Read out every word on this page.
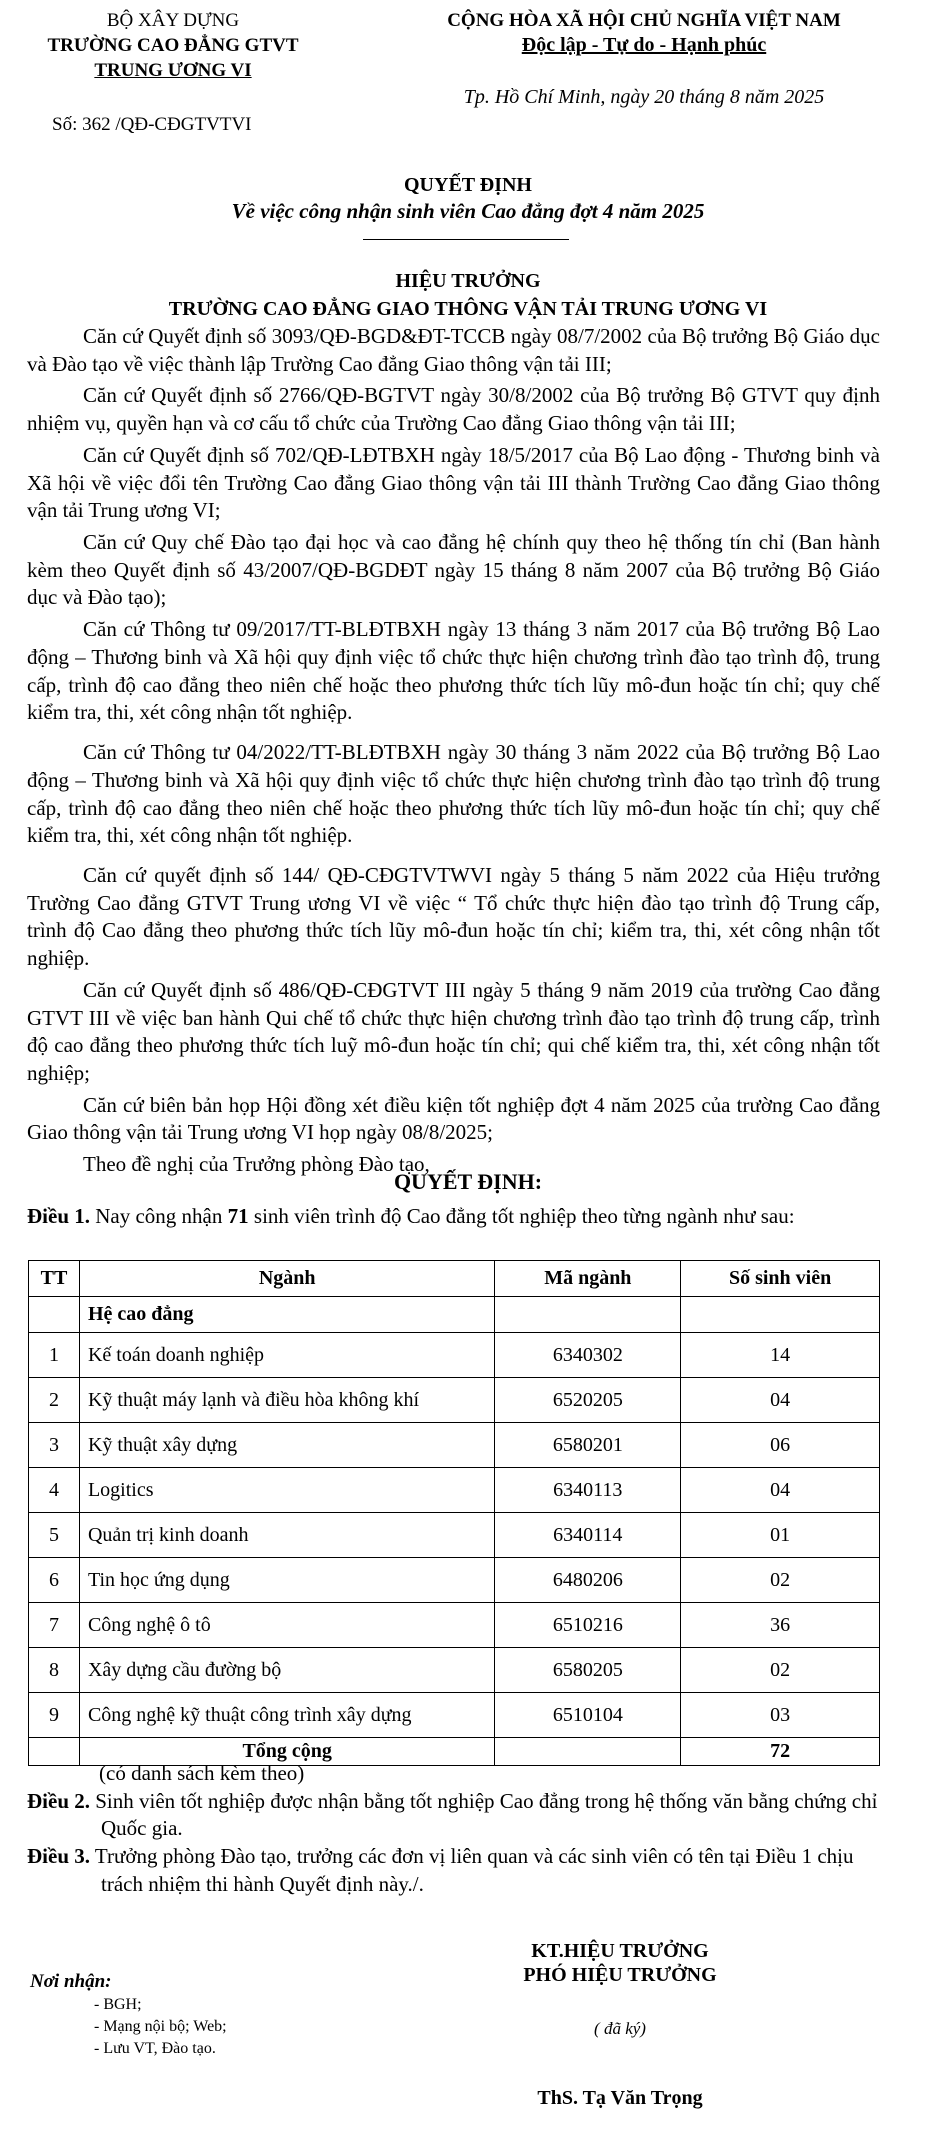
BỘ XÂY DỰNG
TRƯỜNG CAO ĐẲNG GTVT
TRUNG ƯƠNG VI
CỘNG HÒA XÃ HỘI CHỦ NGHĨA VIỆT NAM
Độc lập - Tự do - Hạnh phúc
Tp. Hồ Chí Minh, ngày 20 tháng 8 năm 2025
Số: 362 /QĐ-CĐGTVTVI
QUYẾT ĐỊNH
Về việc công nhận sinh viên Cao đẳng đợt 4 năm 2025
HIỆU TRƯỞNG
TRƯỜNG CAO ĐẲNG GIAO THÔNG VẬN TẢI TRUNG ƯƠNG VI

Căn cứ Quyết định số 3093/QĐ-BGD&ĐT-TCCB ngày 08/7/2002 của Bộ trưởng Bộ Giáo dục và Đào tạo về việc thành lập Trường Cao đẳng Giao thông vận tải III;

Căn cứ Quyết định số 2766/QĐ-BGTVT ngày 30/8/2002 của Bộ trưởng Bộ GTVT quy định nhiệm vụ, quyền hạn và cơ cấu tổ chức của Trường Cao đẳng Giao thông vận tải III;

Căn cứ Quyết định số 702/QĐ-LĐTBXH ngày 18/5/2017 của Bộ Lao động - Thương binh và Xã hội về việc đổi tên Trường Cao đẳng Giao thông vận tải III thành Trường Cao đẳng Giao thông vận tải Trung ương VI;

Căn cứ Quy chế Đào tạo đại học và cao đẳng hệ chính quy theo hệ thống tín chỉ (Ban hành kèm theo Quyết định số 43/2007/QĐ-BGDĐT ngày 15 tháng 8 năm 2007 của Bộ trưởng Bộ Giáo dục và Đào tạo);

Căn cứ Thông tư 09/2017/TT-BLĐTBXH ngày 13 tháng 3 năm 2017 của Bộ trưởng Bộ Lao động – Thương binh và Xã hội quy định việc tổ chức thực hiện chương trình đào tạo trình độ, trung cấp, trình độ cao đẳng theo niên chế hoặc theo phương thức tích lũy mô-đun hoặc tín chỉ; quy chế kiểm tra, thi, xét công nhận tốt nghiệp.

Căn cứ Thông tư 04/2022/TT-BLĐTBXH ngày 30 tháng 3 năm 2022 của Bộ trưởng Bộ Lao động – Thương binh và Xã hội quy định việc tổ chức thực hiện chương trình đào tạo trình độ trung cấp, trình độ cao đẳng theo niên chế hoặc theo phương thức tích lũy mô-đun hoặc tín chỉ; quy chế kiểm tra, thi, xét công nhận tốt nghiệp.

Căn cứ quyết định số 144/ QĐ-CĐGTVTWVI ngày 5 tháng 5 năm 2022 của Hiệu trưởng Trường Cao đẳng GTVT Trung ương VI về việc “ Tổ chức thực hiện đào tạo trình độ Trung cấp, trình độ Cao đẳng theo phương thức tích lũy mô-đun hoặc tín chỉ; kiểm tra, thi, xét công nhận tốt nghiệp.

Căn cứ Quyết định số 486/QĐ-CĐGTVT III ngày 5 tháng 9 năm 2019 của trường Cao đẳng GTVT III về việc ban hành Qui chế tổ chức thực hiện chương trình đào tạo trình độ trung cấp, trình độ cao đẳng theo phương thức tích luỹ mô-đun hoặc tín chỉ; qui chế kiểm tra, thi, xét công nhận tốt nghiệp;

Căn cứ biên bản họp Hội đồng xét điều kiện tốt nghiệp đợt 4 năm 2025 của trường Cao đẳng Giao thông vận tải Trung ương VI họp ngày 08/8/2025;

Theo đề nghị của Trưởng phòng Đào tạo,

QUYẾT ĐỊNH:
Điều 1. Nay công nhận 71 sinh viên trình độ Cao đẳng tốt nghiệp theo từng ngành như sau:
TT	Ngành	Mã ngành	Số sinh viên
	Hệ cao đẳng		
1	Kế toán doanh nghiệp	6340302	14
2	Kỹ thuật máy lạnh và điều hòa không khí	6520205	04
3	Kỹ thuật xây dựng	6580201	06
4	Logitics	6340113	04
5	Quản trị kinh doanh	6340114	01
6	Tin học ứng dụng	6480206	02
7	Công nghệ ô tô	6510216	36
8	Xây dựng cầu đường bộ	6580205	02
9	Công nghệ kỹ thuật công trình xây dựng	6510104	03
	Tổng cộng		72
(có danh sách kèm theo)
Điều 2. Sinh viên tốt nghiệp được nhận bằng tốt nghiệp Cao đẳng trong hệ thống văn bằng chứng chỉ Quốc gia.
Điều 3. Trưởng phòng Đào tạo, trưởng các đơn vị liên quan và các sinh viên có tên tại Điều 1 chịu trách nhiệm thi hành Quyết định này./.
KT.HIỆU TRƯỞNG
PHÓ HIỆU TRƯỞNG
( đã ký)
ThS. Tạ Văn Trọng
Nơi nhận:
- BGH;
- Mạng nội bộ; Web;
- Lưu VT, Đào tạo.
